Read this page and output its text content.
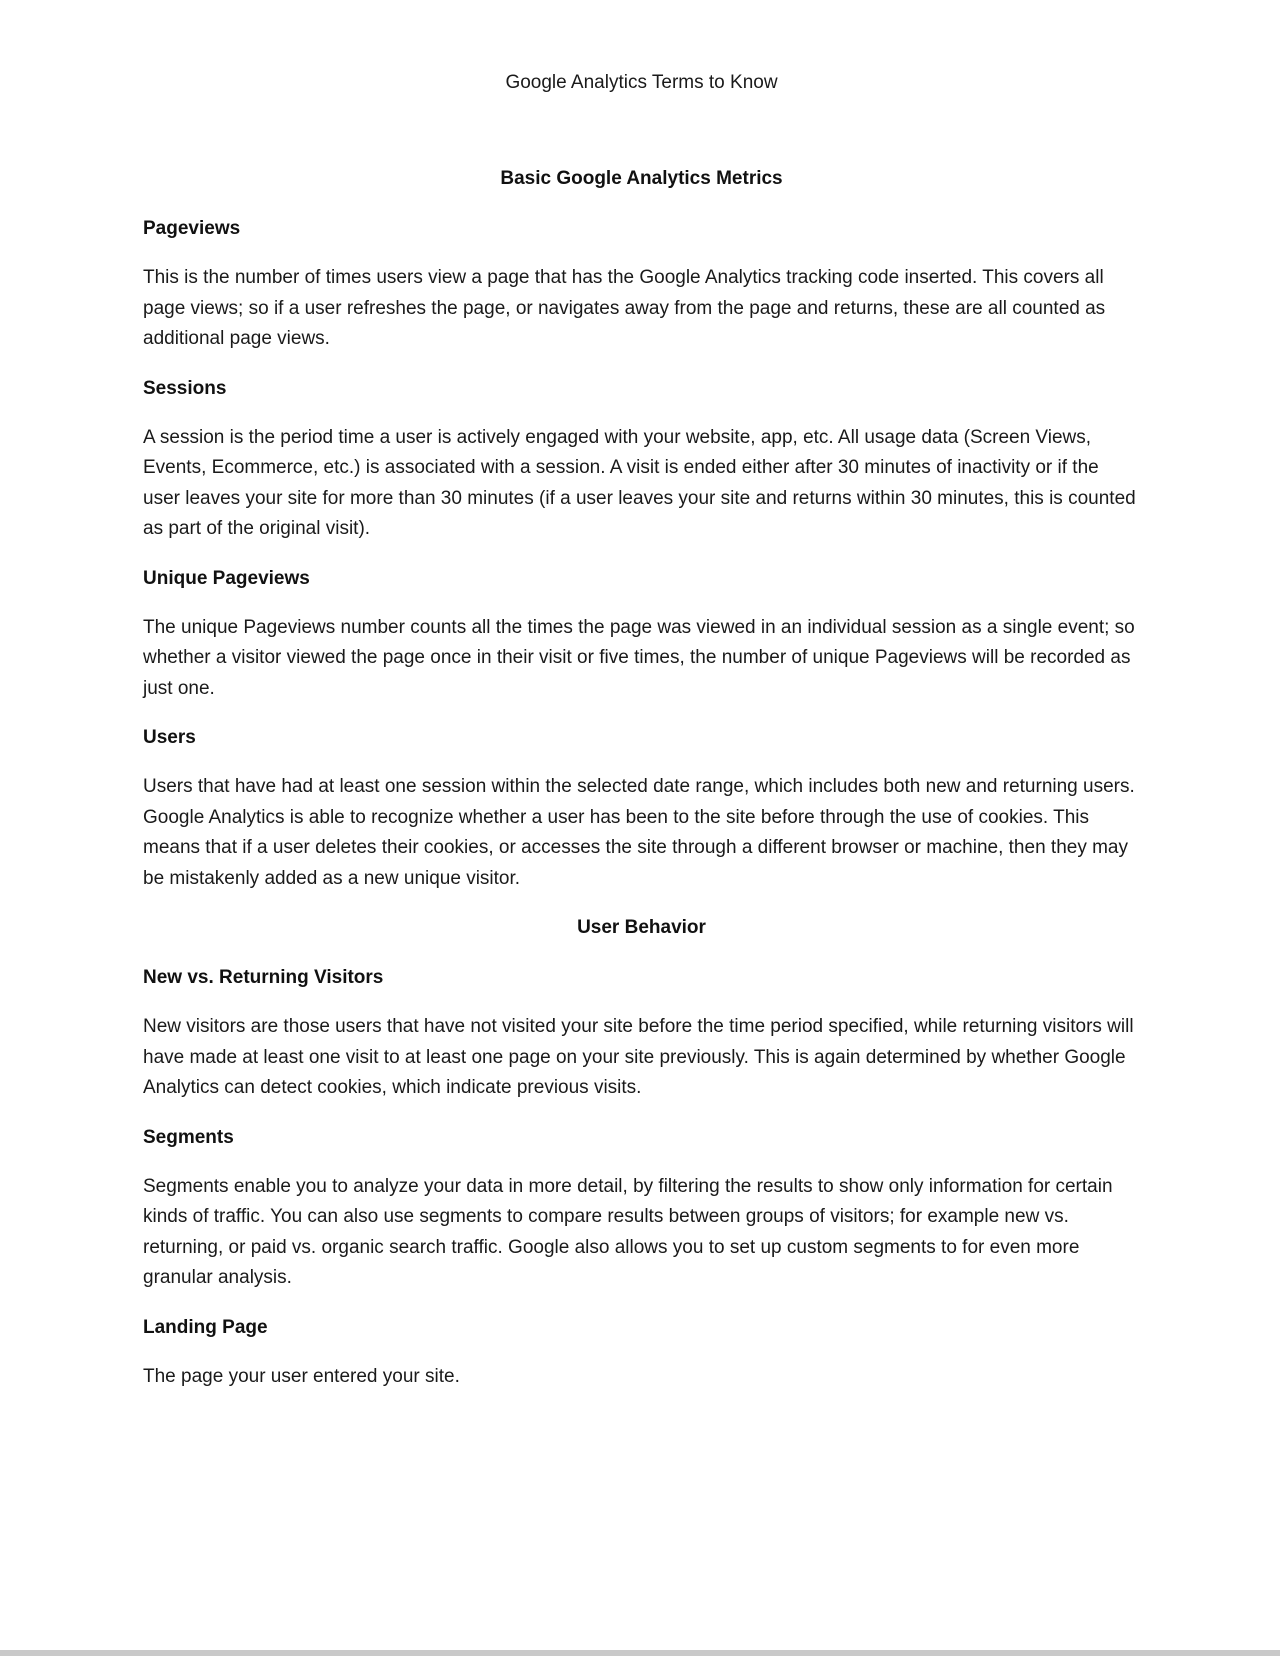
Google Analytics Terms to Know
Basic Google Analytics Metrics
Pageviews

This is the number of times users view a page that has the Google Analytics tracking code inserted. This covers all page views; so if a user refreshes the page, or navigates away from the page and returns, these are all counted as additional page views.

Sessions

A session is the period time a user is actively engaged with your website, app, etc. All usage data (Screen Views, Events, Ecommerce, etc.) is associated with a session. A visit is ended either after 30 minutes of inactivity or if the user leaves your site for more than 30 minutes (if a user leaves your site and returns within 30 minutes, this is counted as part of the original visit).

Unique Pageviews

The unique Pageviews number counts all the times the page was viewed in an individual session as a single event; so whether a visitor viewed the page once in their visit or five times, the number of unique Pageviews will be recorded as just one.

Users

Users that have had at least one session within the selected date range, which includes both new and returning users. Google Analytics is able to recognize whether a user has been to the site before through the use of cookies. This means that if a user deletes their cookies, or accesses the site through a different browser or machine, then they may be mistakenly added as a new unique visitor.

User Behavior
New vs. Returning Visitors

New visitors are those users that have not visited your site before the time period specified, while returning visitors will have made at least one visit to at least one page on your site previously. This is again determined by whether Google Analytics can detect cookies, which indicate previous visits.

Segments

Segments enable you to analyze your data in more detail, by filtering the results to show only information for certain kinds of traffic. You can also use segments to compare results between groups of visitors; for example new vs. returning, or paid vs. organic search traffic. Google also allows you to set up custom segments to for even more granular analysis.

Landing Page

The page your user entered your site.
